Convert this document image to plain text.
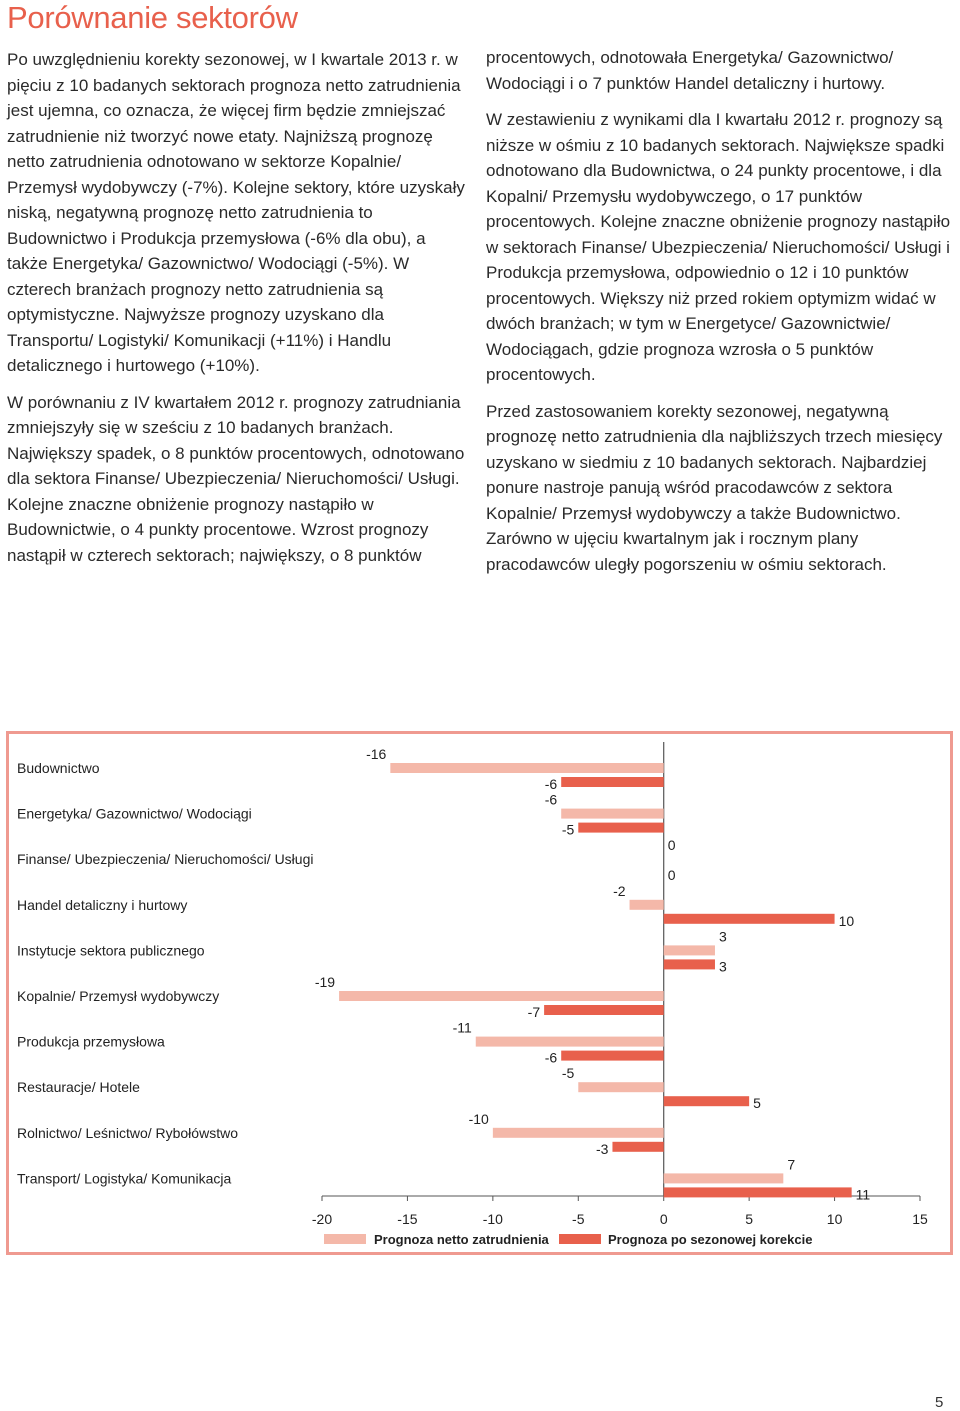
Porównanie sektorów

Po uwzględnieniu korekty sezonowej, w I kwartale 2013 r. w pięciu z 10 badanych sektorach prognoza netto zatrudnienia jest ujemna, co oznacza, że więcej firm będzie zmniejszać zatrudnienie niż tworzyć nowe etaty. Najniższą prognozę netto zatrudnienia odnotowano w sektorze Kopalnie/ Przemysł wydobywczy (-7%). Kolejne sektory, które uzyskały niską, negatywną prognozę netto zatrudnienia to Budownictwo i Produkcja przemysłowa (-6% dla obu), a także Energetyka/ Gazownictwo/ Wodociągi (-5%). W czterech branżach prognozy netto zatrudnienia są optymistyczne. Najwyższe prognozy uzyskano dla Transportu/ Logistyki/ Komunikacji (+11%) i Handlu detalicznego i hurtowego (+10%).

W porównaniu z IV kwartałem 2012 r. prognozy zatrudniania zmniejszyły się w sześciu z 10 badanych branżach. Największy spadek, o 8 punktów procentowych, odnotowano dla sektora Finanse/ Ubezpieczenia/ Nieruchomości/ Usługi. Kolejne znaczne obniżenie prognozy nastąpiło w Budownictwie, o 4 punkty procentowe. Wzrost prognozy nastąpił w czterech sektorach; największy, o 8 punktów

procentowych, odnotowała Energetyka/ Gazownictwo/ Wodociągi i o 7 punktów Handel detaliczny i hurtowy.

W zestawieniu z wynikami dla I kwartału 2012 r. prognozy są niższe w ośmiu z 10 badanych sektorach. Największe spadki odnotowano dla Budownictwa, o 24 punkty procentowe, i dla Kopalni/ Przemysłu wydobywczego, o 17 punktów procentowych. Kolejne znaczne obniżenie prognozy nastąpiło w sektorach Finanse/ Ubezpieczenia/ Nieruchomości/ Usługi i Produkcja przemysłowa, odpowiednio o 12 i 10 punktów procentowych. Większy niż przed rokiem optymizm widać w dwóch branżach; w tym w Energetyce/ Gazownictwie/ Wodociągach, gdzie prognoza wzrosła o 5 punktów procentowych.

Przed zastosowaniem korekty sezonowej, negatywną prognozę netto zatrudnienia dla najbliższych trzech miesięcy uzyskano w siedmiu z 10 badanych sektorach. Najbardziej ponure nastroje panują wśród pracodawców z sektora Kopalnie/ Przemysł wydobywczy a także Budownictwo. Zarówno w ujęciu kwartalnym jak i rocznym plany pracodawców uległy pogorszeniu w ośmiu sektorach.

-20	-15	-10	-5	0	5	10	15
Budownictwo
-16
-6
Energetyka/ Gazownictwo/ Wodociągi
-6
-5
Finanse/ Ubezpieczenia/ Nieruchomości/ Usługi
0
0
Handel detaliczny i hurtowy
-2
10
Instytucje sektora publicznego
3
3
Kopalnie/ Przemysł wydobywczy
-19
-7
Produkcja przemysłowa
-11
-6
Restauracje/ Hotele
-5
5
Rolnictwo/ Leśnictwo/ Rybołówstwo
-10
-3
Transport/ Logistyka/ Komunikacja
7
11
Prognoza netto zatrudnienia	Prognoza po sezonowej korekcie
5
